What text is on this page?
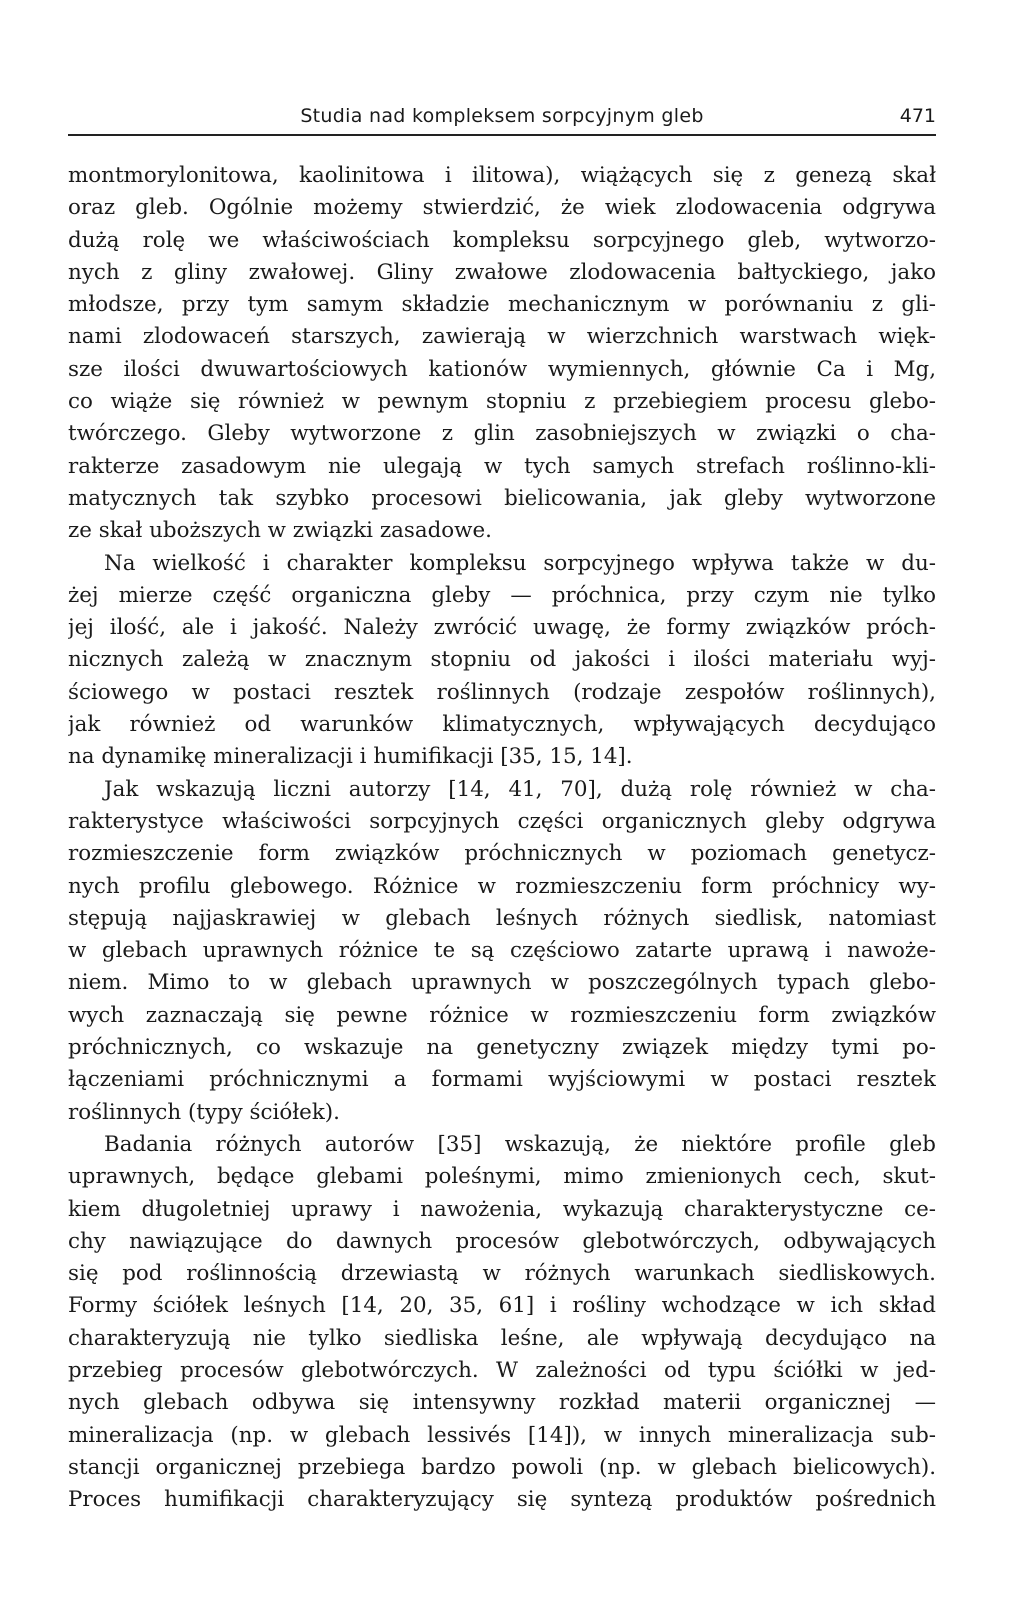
Studia nad kompleksem sorpcyjnym gleb	471
montmorylonitowa, kaolinitowa i ilitowa), wiążących się z genezą skał
oraz gleb. Ogólnie możemy stwierdzić, że wiek zlodowacenia odgrywa
dużą rolę we właściwościach kompleksu sorpcyjnego gleb, wytworzo-
nych z gliny zwałowej. Gliny zwałowe zlodowacenia bałtyckiego, jako
młodsze, przy tym samym składzie mechanicznym w porównaniu z gli-
nami zlodowaceń starszych, zawierają w wierzchnich warstwach więk-
sze ilości dwuwartościowych kationów wymiennych, głównie Ca i Mg,
co wiąże się również w pewnym stopniu z przebiegiem procesu glebo-
twórczego. Gleby wytworzone z glin zasobniejszych w związki o cha-
rakterze zasadowym nie ulegają w tych samych strefach roślinno-kli-
matycznych tak szybko procesowi bielicowania, jak gleby wytworzone
ze skał uboższych w związki zasadowe.
Na wielkość i charakter kompleksu sorpcyjnego wpływa także w du-
żej mierze część organiczna gleby — próchnica, przy czym nie tylko
jej ilość, ale i jakość. Należy zwrócić uwagę, że formy związków próch-
nicznych zależą w znacznym stopniu od jakości i ilości materiału wyj-
ściowego w postaci resztek roślinnych (rodzaje zespołów roślinnych),
jak również od warunków klimatycznych, wpływających decydująco
na dynamikę mineralizacji i humifikacji [35, 15, 14].
Jak wskazują liczni autorzy [14, 41, 70], dużą rolę również w cha-
rakterystyce właściwości sorpcyjnych części organicznych gleby odgrywa
rozmieszczenie form związków próchnicznych w poziomach genetycz-
nych profilu glebowego. Różnice w rozmieszczeniu form próchnicy wy-
stępują najjaskrawiej w glebach leśnych różnych siedlisk, natomiast
w glebach uprawnych różnice te są częściowo zatarte uprawą i nawoże-
niem. Mimo to w glebach uprawnych w poszczególnych typach glebo-
wych zaznaczają się pewne różnice w rozmieszczeniu form związków
próchnicznych, co wskazuje na genetyczny związek między tymi po-
łączeniami próchnicznymi a formami wyjściowymi w postaci resztek
roślinnych (typy ściółek).
Badania różnych autorów [35] wskazują, że niektóre profile gleb
uprawnych, będące glebami poleśnymi, mimo zmienionych cech, skut-
kiem długoletniej uprawy i nawożenia, wykazują charakterystyczne ce-
chy nawiązujące do dawnych procesów glebotwórczych, odbywających
się pod roślinnością drzewiastą w różnych warunkach siedliskowych.
Formy ściółek leśnych [14, 20, 35, 61] i rośliny wchodzące w ich skład
charakteryzują nie tylko siedliska leśne, ale wpływają decydująco na
przebieg procesów glebotwórczych. W zależności od typu ściółki w jed-
nych glebach odbywa się intensywny rozkład materii organicznej —
mineralizacja (np. w glebach lessivés [14]), w innych mineralizacja sub-
stancji organicznej przebiega bardzo powoli (np. w glebach bielicowych).
Proces humifikacji charakteryzujący się syntezą produktów pośrednich
